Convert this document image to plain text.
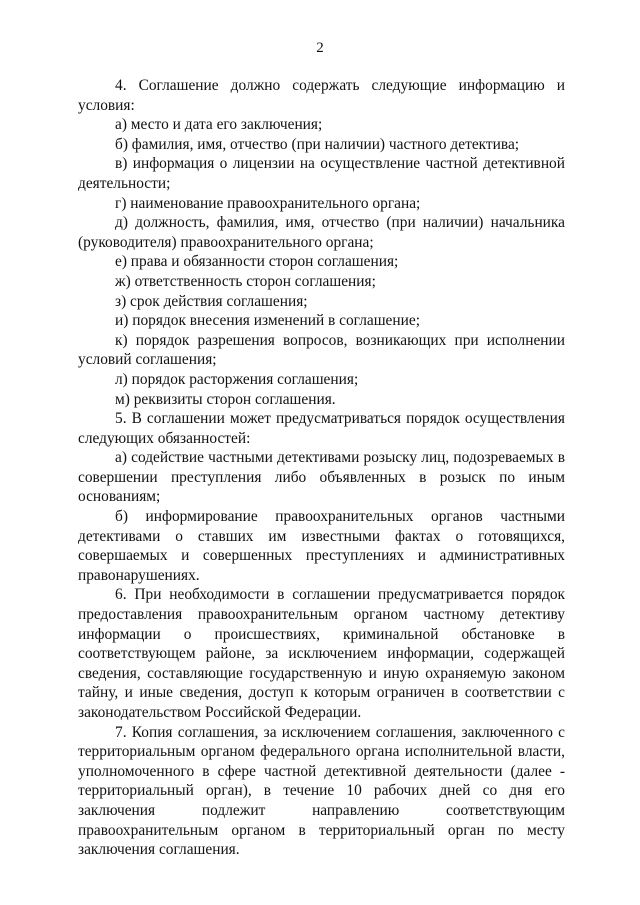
2

4. Соглашение должно содержать следующие информацию и условия:

а) место и дата его заключения;

б) фамилия, имя, отчество (при наличии) частного детектива;

в) информация о лицензии на осуществление частной детективной деятельности;

г) наименование правоохранительного органа;

д) должность, фамилия, имя, отчество (при наличии) начальника (руководителя) правоохранительного органа;

е) права и обязанности сторон соглашения;

ж) ответственность сторон соглашения;

з) срок действия соглашения;

и) порядок внесения изменений в соглашение;

к) порядок разрешения вопросов, возникающих при исполнении условий соглашения;

л) порядок расторжения соглашения;

м) реквизиты сторон соглашения.

5. В соглашении может предусматриваться порядок осуществления следующих обязанностей:

а) содействие частными детективами розыску лиц, подозреваемых в совершении преступления либо объявленных в розыск по иным основаниям;

б) информирование правоохранительных органов частными детективами о ставших им известными фактах о готовящихся, совершаемых и совершенных преступлениях и административных правонарушениях.

6. При необходимости в соглашении предусматривается порядок предоставления правоохранительным органом частному детективу информации о происшествиях, криминальной обстановке в соответствующем районе, за исключением информации, содержащей сведения, составляющие государственную и иную охраняемую законом тайну, и иные сведения, доступ к которым ограничен в соответствии с законодательством Российской Федерации.

7. Копия соглашения, за исключением соглашения, заключенного с территориальным органом федерального органа исполнительной власти, уполномоченного в сфере частной детективной деятельности (далее - территориальный орган), в течение 10 рабочих дней со дня его заключения подлежит направлению соответствующим правоохранительным органом в территориальный орган по месту заключения соглашения.
